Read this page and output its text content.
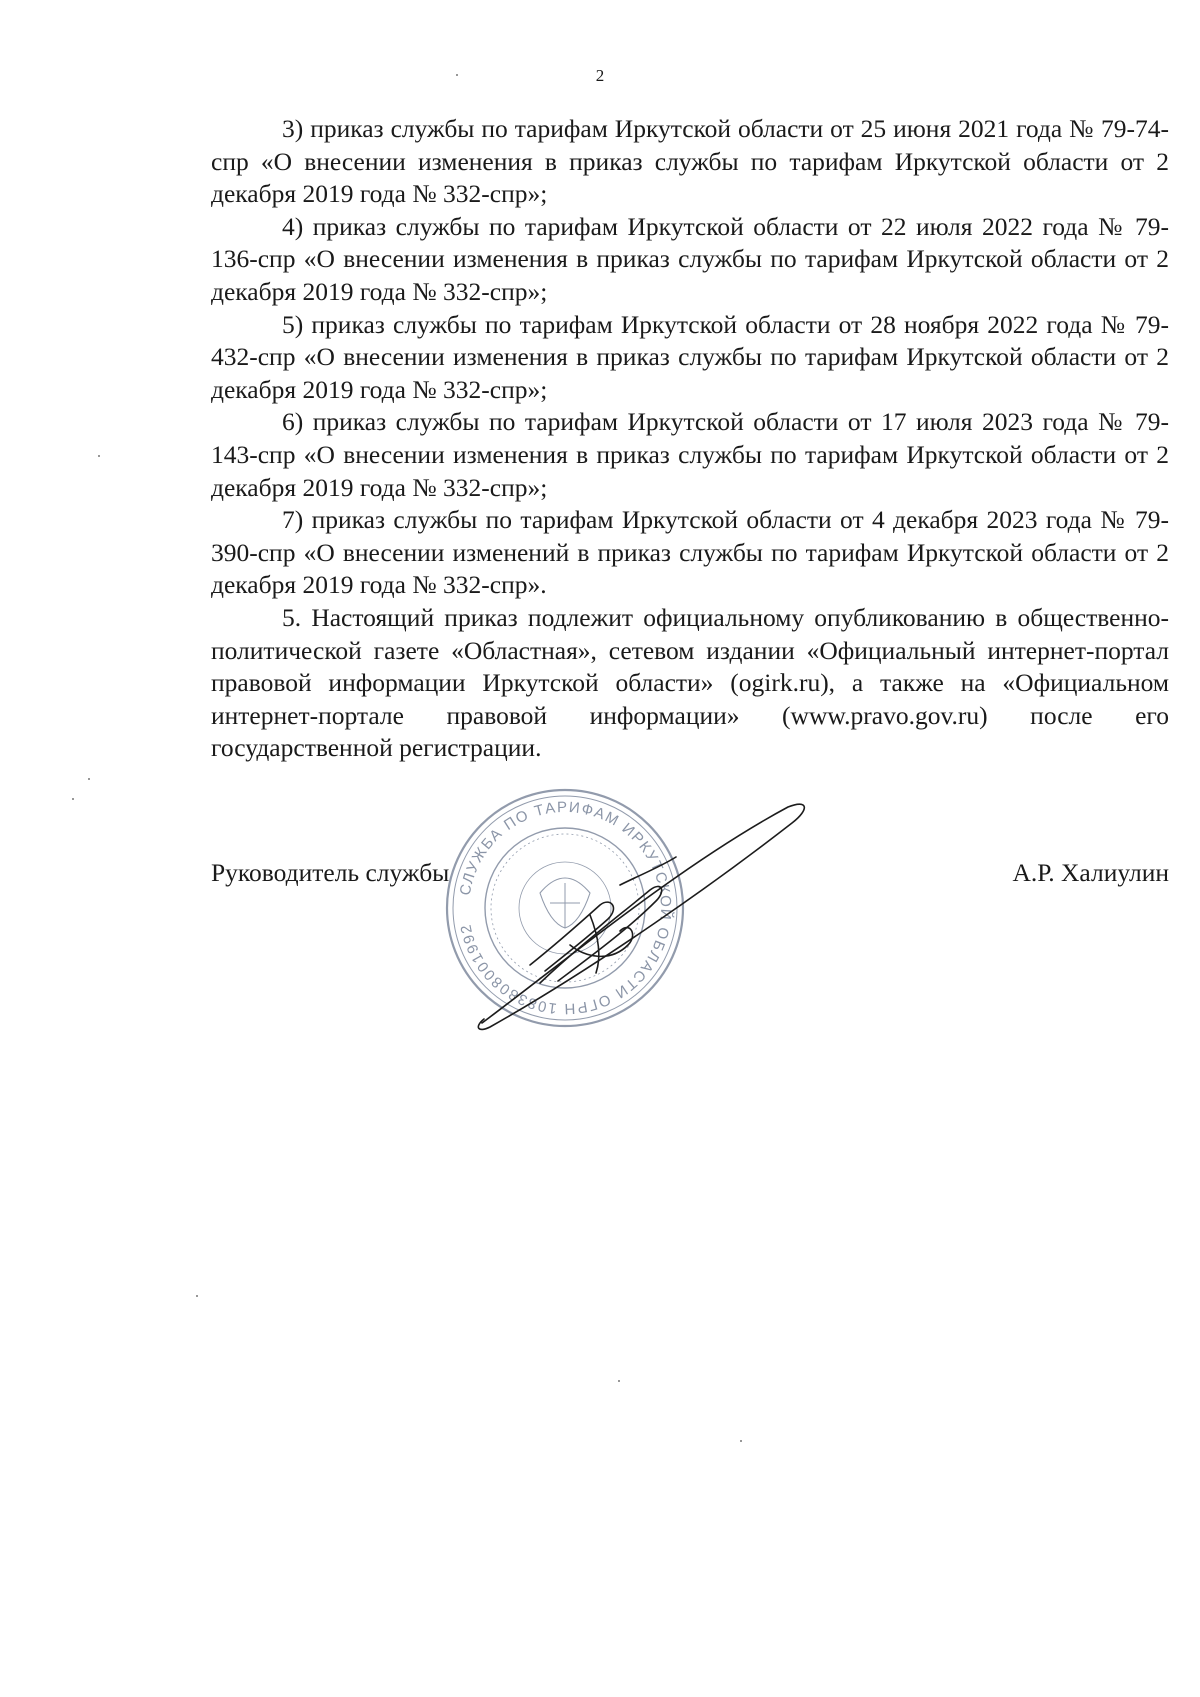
2

3) приказ службы по тарифам Иркутской области от 25 июня 2021 года № 79-74-спр «О внесении изменения в приказ службы по тарифам Иркутской области от 2 декабря 2019 года № 332-спр»;

4) приказ службы по тарифам Иркутской области от 22 июля 2022 года № 79-136-спр «О внесении изменения в приказ службы по тарифам Иркутской области от 2 декабря 2019 года № 332-спр»;

5) приказ службы по тарифам Иркутской области от 28 ноября 2022 года № 79-432-спр «О внесении изменения в приказ службы по тарифам Иркутской области от 2 декабря 2019 года № 332-спр»;

6) приказ службы по тарифам Иркутской области от 17 июля 2023 года № 79-143-спр «О внесении изменения в приказ службы по тарифам Иркутской области от 2 декабря 2019 года № 332-спр»;

7) приказ службы по тарифам Иркутской области от 4 декабря 2023 года № 79-390-спр «О внесении изменений в приказ службы по тарифам Иркутской области от 2 декабря 2019 года № 332-спр».

5. Настоящий приказ подлежит официальному опубликованию в общественно-политической газете «Областная», сетевом издании «Официальный интернет-портал правовой информации Иркутской области» (ogirk.ru), а также на «Официальном интернет-портале правовой информации» (www.pravo.gov.ru) после его государственной регистрации.

Руководитель службы	А.Р. Халиулин
СЛУЖБА ПО ТАРИФАМ ИРКУТСКОЙ ОБЛАСТИ ОГРН 1083808001992
